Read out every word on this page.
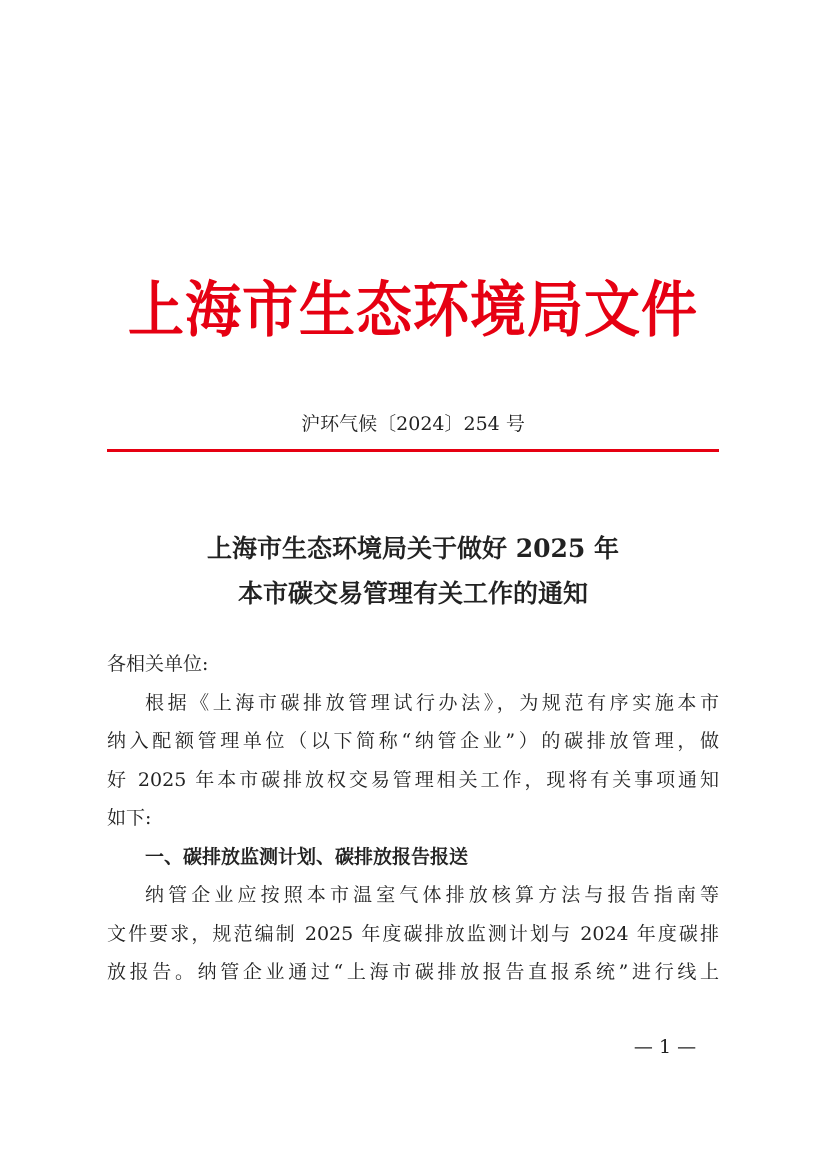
上海市生态环境局文件
沪环气候〔2024〕254 号
上海市生态环境局关于做好 2025 年
本市碳交易管理有关工作的通知
各相关单位:
根据《上海市碳排放管理试行办法》，为规范有序实施本市
纳入配额管理单位（以下简称“纳管企业”）的碳排放管理，做
好 2025 年本市碳排放权交易管理相关工作，现将有关事项通知
如下:
一、碳排放监测计划、碳排放报告报送
纳管企业应按照本市温室气体排放核算方法与报告指南等
文件要求，规范编制 2025 年度碳排放监测计划与 2024 年度碳排
放报告。纳管企业通过“上海市碳排放报告直报系统”进行线上
— 1 —
